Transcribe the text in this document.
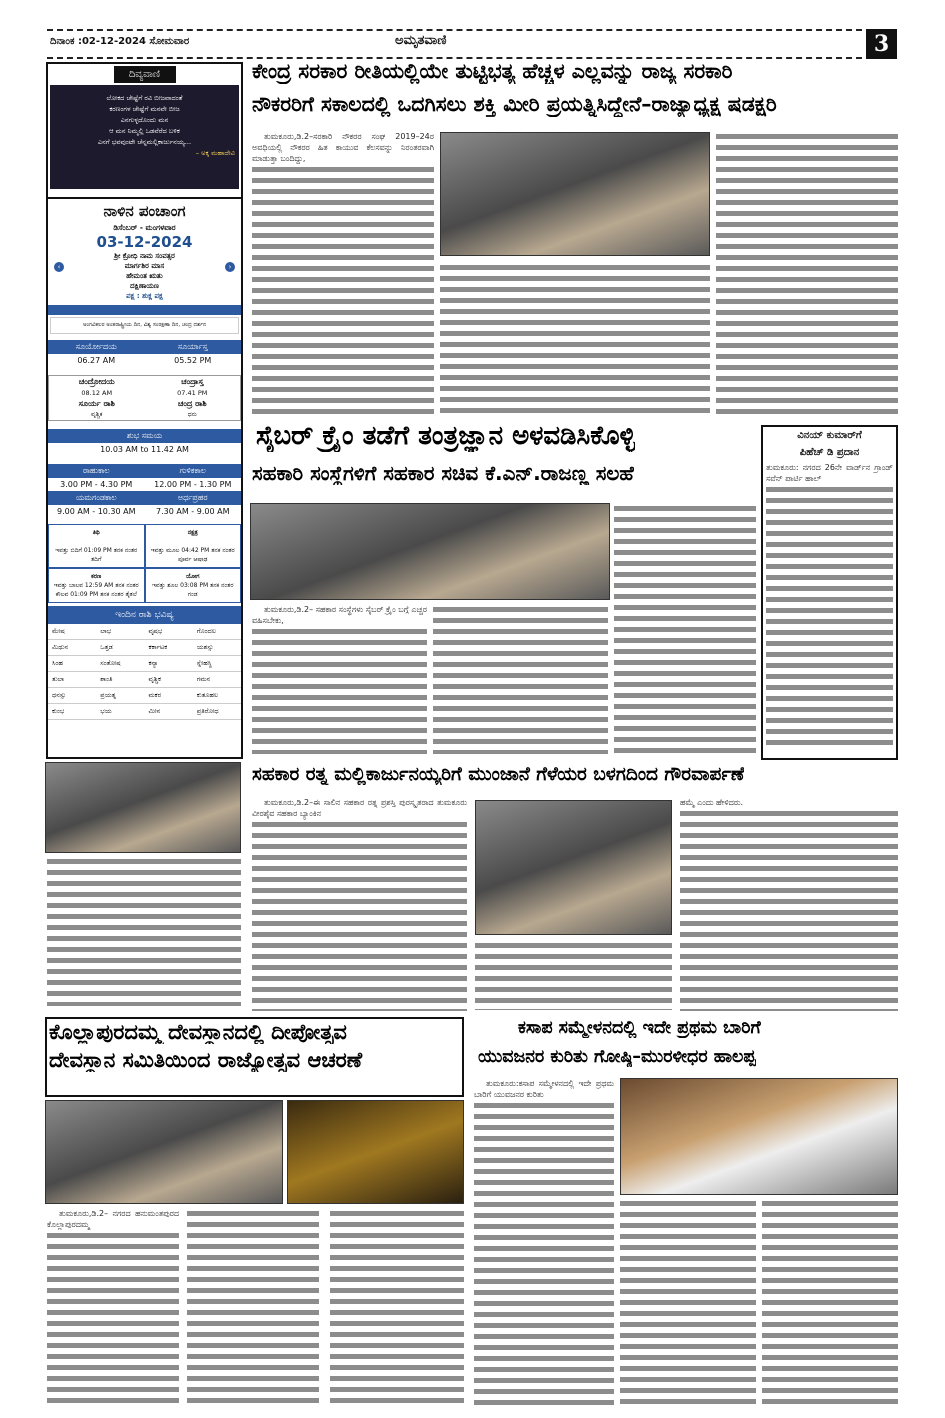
ದಿನಾಂಕ :02-12-2024 ಸೋಮವಾರ	ಅಮೃತವಾಣಿ	3
ದಿವ್ಯವಾಣಿ
ಲೋಕದ ಚೇಷ್ಟೆಗೆ ರವಿ ಬೀಜವಾದಂತೆ
ಕರಣಂಗಳ ಚೇಷ್ಟೆಗೆ ಮನವೇ ಬೀಜ
ಎನಗುಳ್ಳದೊಂದು ಮನ
ಆ ಮನ ನಿಮ್ಮಲ್ಲಿ ಒಡವೆರೆದ ಬಳಿಕ
ಎನಗೆ ಭವವುಂಟೇ ಚೆನ್ನಮಲ್ಲಿಕಾರ್ಜುನಯ್ಯ...
– ಅಕ್ಕ ಮಹಾದೇವಿ
ನಾಳಿನ ಪಂಚಾಂಗ
ಡಿಸೆಂಬರ್ - ಮಂಗಳವಾರ
‹
03-12-2024
ಶ್ರೀ ಕ್ರೋಧಿ ನಾಮ ಸಂವತ್ಸರ
ಮಾರ್ಗಶಿರ ಮಾಸ
ಹೇಮಂತ ಋತು
ದಕ್ಷಿಣಾಯಣ
ಪಕ್ಷ : ಶುಕ್ಲ ಪಕ್ಷ
›
ಅಂಗವಿಕಲರ ಅಂತರಾಷ್ಟ್ರೀಯ ದಿನ, ವಿಶ್ವ ಸಂರಕ್ಷಣಾ ದಿನ, ಚಂದ್ರ ದರ್ಶನ
ಸೂರ್ಯೋದಯ	ಸೂರ್ಯಾಸ್ತ
06.27 AM	05.52 PM
ಚಂದ್ರೋದಯ	ಚಂದ್ರಾಸ್ತ
08.12 AM	07.41 PM
ಸೂರ್ಯ ರಾಶಿ	ಚಂದ್ರ ರಾಶಿ
ವೃಶ್ಚಿಕ	ಧನು
ಶುಭ ಸಮಯ
10.03 AM to 11.42 AM
ರಾಹುಕಾಲ	ಗುಳಿಕಕಾಲ
3.00 PM - 4.30 PM	12.00 PM - 1.30 PM
ಯಮಗಂಡಕಾಲ	ಅರ್ಧಪ್ರಹರ
9.00 AM - 10.30 AM	7.30 AM - 9.00 AM
ತಿಥಿ

ಇವತ್ತು ಬಿದಿಗೆ 01:09 PM ತನಕ ನಂತರ ತದಿಗೆ
ನಕ್ಷತ್ರ

ಇವತ್ತು ಮೂಲ 04:42 PM ತನಕ ನಂತರ ಪೂರ್ವ ಆಷಾಢ
ಕರಣ
ಇವತ್ತು ಬಾಲವ 12:59 AM ತನಕ ನಂತರ ಕೌಲವ 01:09 PM ತನಕ ನಂತರ ತೈತಲೆ
ಯೋಗ
ಇವತ್ತು ಶೂಲ 03:08 PM ತನಕ ನಂತರ ಗಂಡ
ಇಂದಿನ ರಾಶಿ ಭವಿಷ್ಯ
ಮೇಷ	ಲಾಭ	ವೃಷಭ	ಗೊಂದಲ
ಮಿಥುನ	ಒತ್ತಡ	ಕರ್ಕಾಟಕ	ಯಶಸ್ಸು
ಸಿಂಹ	ಸಂತೋಷ	ಕನ್ಯಾ	ಸ್ನೇಹಸ್ಥಿ
ತುಲಾ	ಶಾಂತಿ	ವೃಶ್ಚಿಕ	ಗಮನ
ಧನಸ್ಸು	ಪ್ರಯತ್ನ	ಮಕರ	ಕುತೂಹಲ
ಕುಂಭ	ಭಯ	ಮೀನ	ಪ್ರತಿರೋಧ
ಕೇಂದ್ರ ಸರಕಾರ ರೀತಿಯಲ್ಲಿಯೇ ತುಟ್ಟಿಭತ್ಯ ಹೆಚ್ಚಳ ಎಲ್ಲವನ್ನು ರಾಜ್ಯ ಸರಕಾರಿ
ನೌಕರರಿಗೆ ಸಕಾಲದಲ್ಲಿ ಒದಗಿಸಲು ಶಕ್ತಿ ಮೀರಿ ಪ್ರಯತ್ನಿಸಿದ್ದೇನೆ–ರಾಜ್ಯಾಧ್ಯಕ್ಷ ಷಡಕ್ಷರಿ
ತುಮಕೂರು,ಡಿ.2–ಸರಕಾರಿ ನೌಕರರ ಸಂಘ 2019–24ರ ಅವಧಿಯಲ್ಲಿ ನೌಕರರ ಹಿತ ಕಾಯುವ ಕೆಲಸವನ್ನು ನಿರಂತರವಾಗಿ ಮಾಡುತ್ತಾ ಬಂದಿದ್ದು,
ಸೈಬರ್ ಕ್ರೈಂ ತಡೆಗೆ ತಂತ್ರಜ್ಞಾನ ಅಳವಡಿಸಿಕೊಳ್ಳಿ
ಸಹಕಾರಿ ಸಂಸ್ಥೆಗಳಿಗೆ ಸಹಕಾರ ಸಚಿವ ಕೆ.ಎನ್.ರಾಜಣ್ಣ ಸಲಹೆ
ತುಮಕೂರು,ಡಿ.2– ಸಹಕಾರ ಸಂಸ್ಥೆಗಳು ಸೈಬರ್ ಕ್ರೈಂ ಬಗ್ಗೆ ಎಚ್ಚರ ವಹಿಸಬೇಕು,
ವಿನಯ್ ಕುಮಾರ್‌ಗೆ
ಪಿಹೆಚ್ ಡಿ ಪ್ರದಾನ
ತುಮಕೂರು: ನಗರದ 26ನೇ ವಾರ್ಡ್‌ನ ಗ್ರಾಂಡ್ ಸವೆನ್ ಪಾರ್ಟಿ ಹಾಲ್
ಸಹಕಾರ ರತ್ನ ಮಲ್ಲಿಕಾರ್ಜುನಯ್ಯರಿಗೆ ಮುಂಜಾನೆ ಗೆಳೆಯರ ಬಳಗದಿಂದ ಗೌರವಾರ್ಪಣೆ
ತುಮಕೂರು,ಡಿ.2–ಈ ಸಾಲಿನ ಸಹಕಾರ ರತ್ನ ಪ್ರಶಸ್ತಿ ಪುರಸ್ಕೃತರಾದ ತುಮಕೂರು ವೀರಶೈವ ಸಹಕಾರ ಬ್ಯಾಂಕಿನ
ಹಮ್ಮೆ ಎಂದು ಹೇಳಿದರು.
ಕೊಲ್ಲಾಪುರದಮ್ಮ ದೇವಸ್ಥಾನದಲ್ಲಿ ದೀಪೋತ್ಸವ
ದೇವಸ್ಥಾನ ಸಮಿತಿಯಿಂದ ರಾಜ್ಯೋತ್ಸವ ಆಚರಣೆ
ತುಮಕೂರು,ಡಿ.2– ನಗರದ ಹನುಮಂತಪುರದ ಕೊಲ್ಲಾಪುರದಮ್ಮ
ಕಸಾಪ ಸಮ್ಮೇಳನದಲ್ಲಿ ಇದೇ ಪ್ರಥಮ ಬಾರಿಗೆ
ಯುವಜನರ ಕುರಿತು ಗೋಷ್ಠಿ–ಮುರಳೀಧರ ಹಾಲಪ್ಪ
ತುಮಕೂರು:ಕಸಾಪ ಸಮ್ಮೇಳನದಲ್ಲಿ ಇದೇ ಪ್ರಥಮ ಬಾರಿಗೆ ಯುವಜನರ ಕುರಿತು
